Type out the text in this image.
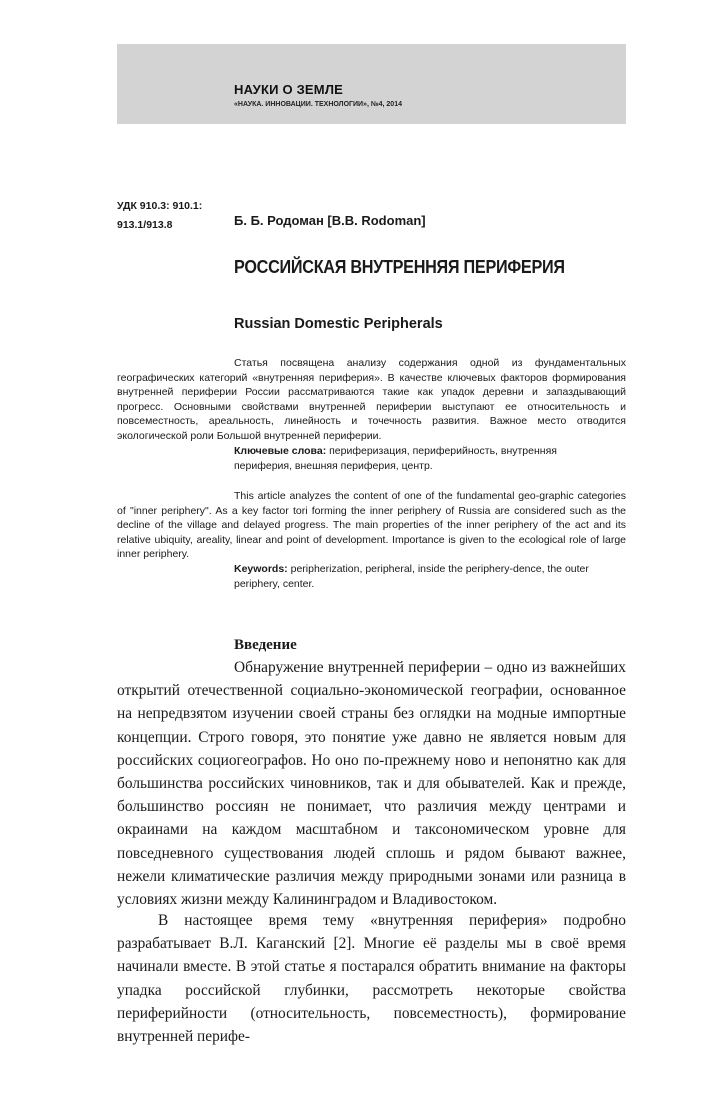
НАУКИ О ЗЕМЛЕ
«НАУКА. ИННОВАЦИИ. ТЕХНОЛОГИИ», №4, 2014
УДК 910.3: 910.1:
913.1/913.8	Б. Б. Родоман [B.B. Rodoman]
РОССИЙСКАЯ ВНУТРЕННЯЯ ПЕРИФЕРИЯ
Russian Domestic Peripherals

Статья посвящена анализу содержания одной из фундаментальных географических категорий «внутренняя периферия». В качестве ключевых факторов формирования внутренней периферии России рассматриваются такие как упадок деревни и запаздывающий прогресс. Основными свойствами внутренней периферии выступают ее относительность и повсеместность, ареальность, линейность и точечность развития. Важное место отводится экологической роли Большой внутренней периферии.

Ключевые слова: периферизация, периферийность, внутренняя периферия, внешняя периферия, центр.

This article analyzes the content of one of the fundamental geo-graphic categories of "inner periphery". As a key factor tori forming the inner periphery of Russia are considered such as the decline of the village and delayed progress. The main properties of the inner periphery of the act and its relative ubiquity, areality, linear and point of development. Importance is given to the ecological role of large inner periphery.

Keywords: peripherization, peripheral, inside the periphery-dence, the outer periphery, center.

Введение

Обнаружение внутренней периферии – одно из важнейших открытий отечественной социально-экономической географии, основанное на непредвзятом изучении своей страны без оглядки на модные импортные концепции. Строго говоря, это понятие уже давно не является новым для российских социогеографов. Но оно по-прежнему ново и непонятно как для большинства российских чиновников, так и для обывателей. Как и прежде, большинство россиян не понимает, что различия между центрами и окраинами на каждом масштабном и таксономическом уровне для повседневного существования людей сплошь и рядом бывают важнее, нежели климатические различия между природными зонами или разница в условиях жизни между Калининградом и Владивостоком.

В настоящее время тему «внутренняя периферия» подробно разрабатывает В.Л. Каганский [2]. Многие её разделы мы в своё время начинали вместе. В этой статье я постарался обратить внимание на факторы упадка российской глубинки, рассмотреть некоторые свойства периферийности (относительность, повсеместность), формирование внутренней перифе-
